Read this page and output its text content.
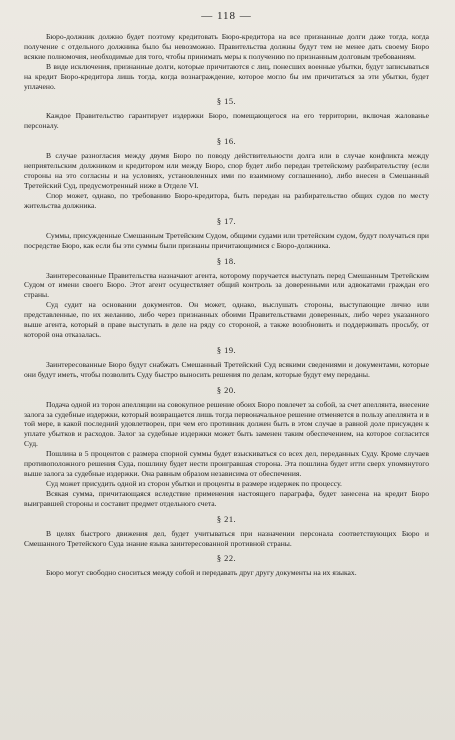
— 118 —

Бюро-должник должно будет поэтому кредитовать Бюро-кредитора на все признанные долги даже тогда, когда получение с отдельного должника было бы невозможно. Правительства должны будут тем не менее дать своему Бюро всякие полномочия, необходимые для того, чтобы принимать меры к получению по признанным долговым требованиям.

В виде исключения, признанные долги, которые причитаются с лиц, понесших военные убытки, будут записываться на кредит Бюро-кредитора лишь тогда, когда вознаграждение, которое могло бы им причитаться за эти убытки, будет уплачено.

§ 15.

Каждое Правительство гарантирует издержки Бюро, помещающегося на его территории, включая жалованье персоналу.

§ 16.

В случае разногласия между двумя Бюро по поводу действительности долга или в случае конфликта между неприятельским должником и кредитором или между Бюро, спор будет либо передан третейскому разбирательству (если стороны на это согласны и на условиях, установленных ими по взаимному соглашению), либо внесен в Смешанный Третейский Суд, предусмотренный ниже в Отделе VI.

Спор может, однако, по требованию Бюро-кредитора, быть передан на разбирательство общих судов по месту жительства должника.

§ 17.

Суммы, присужденные Смешанным Третейским Судом, общими судами или третейским судом, будут получаться при посредстве Бюро, как если бы эти суммы были признаны причитающимися с Бюро-должника.

§ 18.

Заинтересованные Правительства назначают агента, которому поручается выступать перед Смешанным Третейским Судом от имени своего Бюро. Этот агент осуществляет общий контроль за доверенными или адвокатами граждан его страны.

Суд судит на основании документов. Он может, однако, выслушать стороны, выступающие лично или представленные, по их желанию, либо через признанных обоими Правительствами доверенных, либо через указанного выше агента, который в праве выступать в деле на ряду со стороной, а также возобновить и поддерживать просьбу, от которой она отказалась.

§ 19.

Заинтересованные Бюро будут снабжать Смешанный Третейский Суд всякими сведениями и документами, которые они будут иметь, чтобы позволить Суду быстро выносить решения по делам, которые будут ему переданы.

§ 20.

Подача одной из торон апелляции на совокупное решение обоих Бюро повлечет за собой, за счет апеллянта, внесение залога за судебные издержки, который возвращается лишь тогда первоначальное решение отменяется в пользу апеллянта и в той мере, в какой последний удовлетворен, при чем его противник должен быть в этом случае в равной доле присужден к уплате убытков и расходов. Залог за судебные издержки может быть заменен таким обеспечением, на которое согласится Суд.

Пошлина в 5 процентов с размера спорной суммы будет взыскиваться со всех дел, переданных Суду. Кроме случаев противоположного решения Суда, пошлину будет нести проигравшая сторона. Эта пошлина будет итти сверх упомянутого выше залога за судебные издержки. Она равным образом независима от обеспечения.

Суд может присудить одной из сторон убытки и проценты в размере издержек по процессу.

Всякая сумма, причитающаяся вследствие применения настоящего параграфа, будет занесена на кредит Бюро выигравшей стороны и составит предмет отдельного счета.

§ 21.

В целях быстрого движения дел, будет учитываться при назначении персонала соответствующих Бюро и Смешанного Третейского Суда знание языка заинтересованной противной страны.

§ 22.

Бюро могут свободно сноситься между собой и передавать друг другу документы на их языках.
